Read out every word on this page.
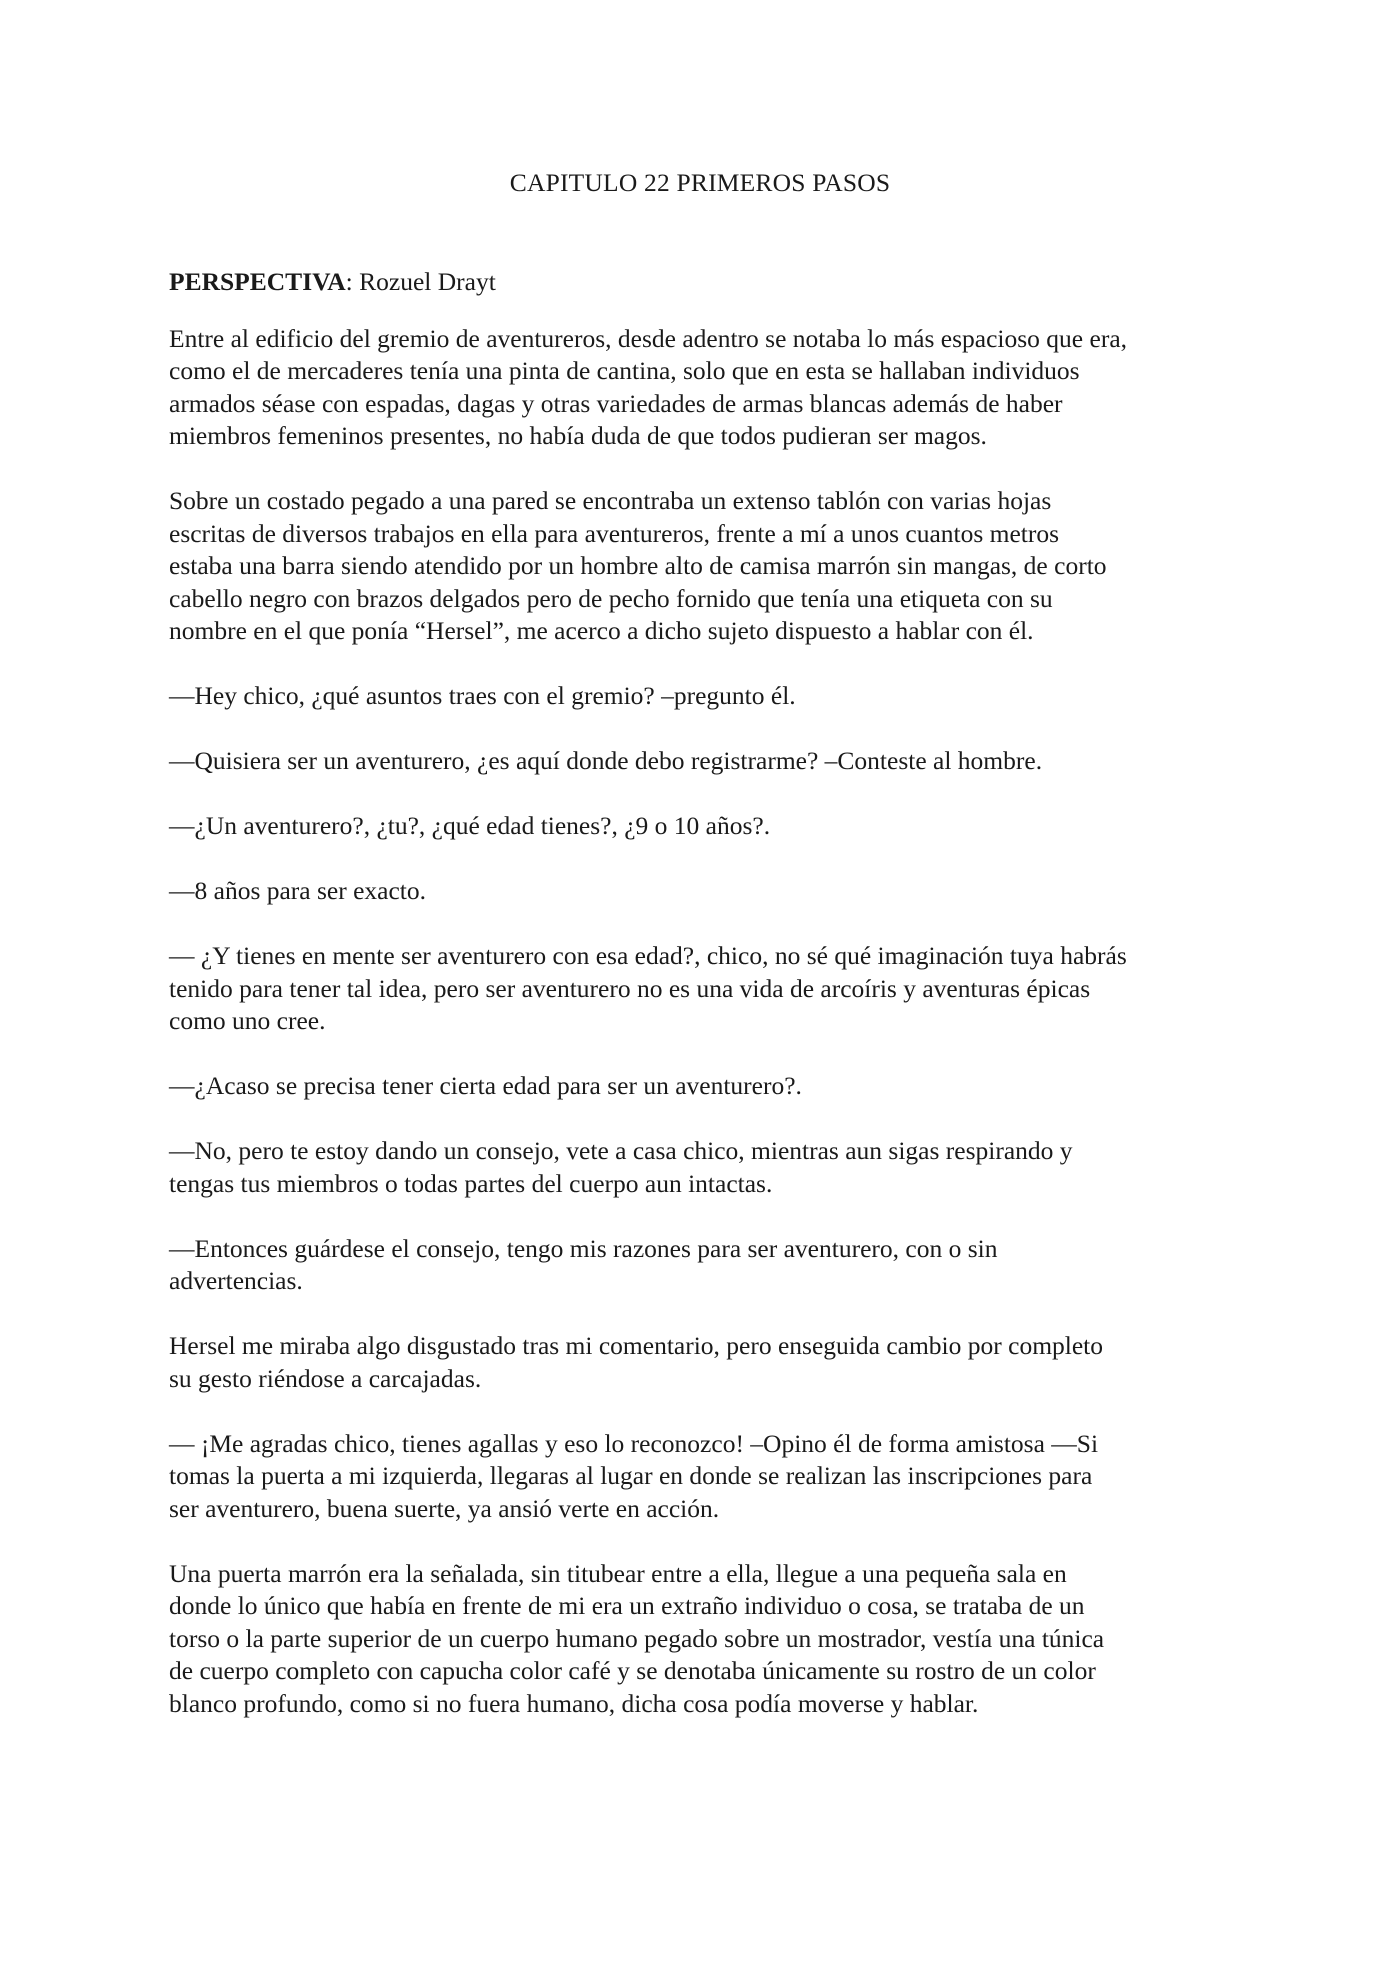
CAPITULO 22 PRIMEROS PASOS

PERSPECTIVA: Rozuel Drayt

Entre al edificio del gremio de aventureros, desde adentro se notaba lo más espacioso que era,
como el de mercaderes tenía una pinta de cantina, solo que en esta se hallaban individuos
armados séase con espadas, dagas y otras variedades de armas blancas además de haber
miembros femeninos presentes, no había duda de que todos pudieran ser magos.

Sobre un costado pegado a una pared se encontraba un extenso tablón con varias hojas
escritas de diversos trabajos en ella para aventureros, frente a mí a unos cuantos metros
estaba una barra siendo atendido por un hombre alto de camisa marrón sin mangas, de corto
cabello negro con brazos delgados pero de pecho fornido que tenía una etiqueta con su
nombre en el que ponía “Hersel”, me acerco a dicho sujeto dispuesto a hablar con él.

—Hey chico, ¿qué asuntos traes con el gremio? –pregunto él.

—Quisiera ser un aventurero, ¿es aquí donde debo registrarme? –Conteste al hombre.

—¿Un aventurero?, ¿tu?, ¿qué edad tienes?, ¿9 o 10 años?.

—8 años para ser exacto.

— ¿Y tienes en mente ser aventurero con esa edad?, chico, no sé qué imaginación tuya habrás
tenido para tener tal idea, pero ser aventurero no es una vida de arcoíris y aventuras épicas
como uno cree.

—¿Acaso se precisa tener cierta edad para ser un aventurero?.

—No, pero te estoy dando un consejo, vete a casa chico, mientras aun sigas respirando y
tengas tus miembros o todas partes del cuerpo aun intactas.

—Entonces guárdese el consejo, tengo mis razones para ser aventurero, con o sin
advertencias.

Hersel me miraba algo disgustado tras mi comentario, pero enseguida cambio por completo
su gesto riéndose a carcajadas.

— ¡Me agradas chico, tienes agallas y eso lo reconozco! –Opino él de forma amistosa —Si
tomas la puerta a mi izquierda, llegaras al lugar en donde se realizan las inscripciones para
ser aventurero, buena suerte, ya ansió verte en acción.

Una puerta marrón era la señalada, sin titubear entre a ella, llegue a una pequeña sala en
donde lo único que había en frente de mi era un extraño individuo o cosa, se trataba de un
torso o la parte superior de un cuerpo humano pegado sobre un mostrador, vestía una túnica
de cuerpo completo con capucha color café y se denotaba únicamente su rostro de un color
blanco profundo, como si no fuera humano, dicha cosa podía moverse y hablar.
